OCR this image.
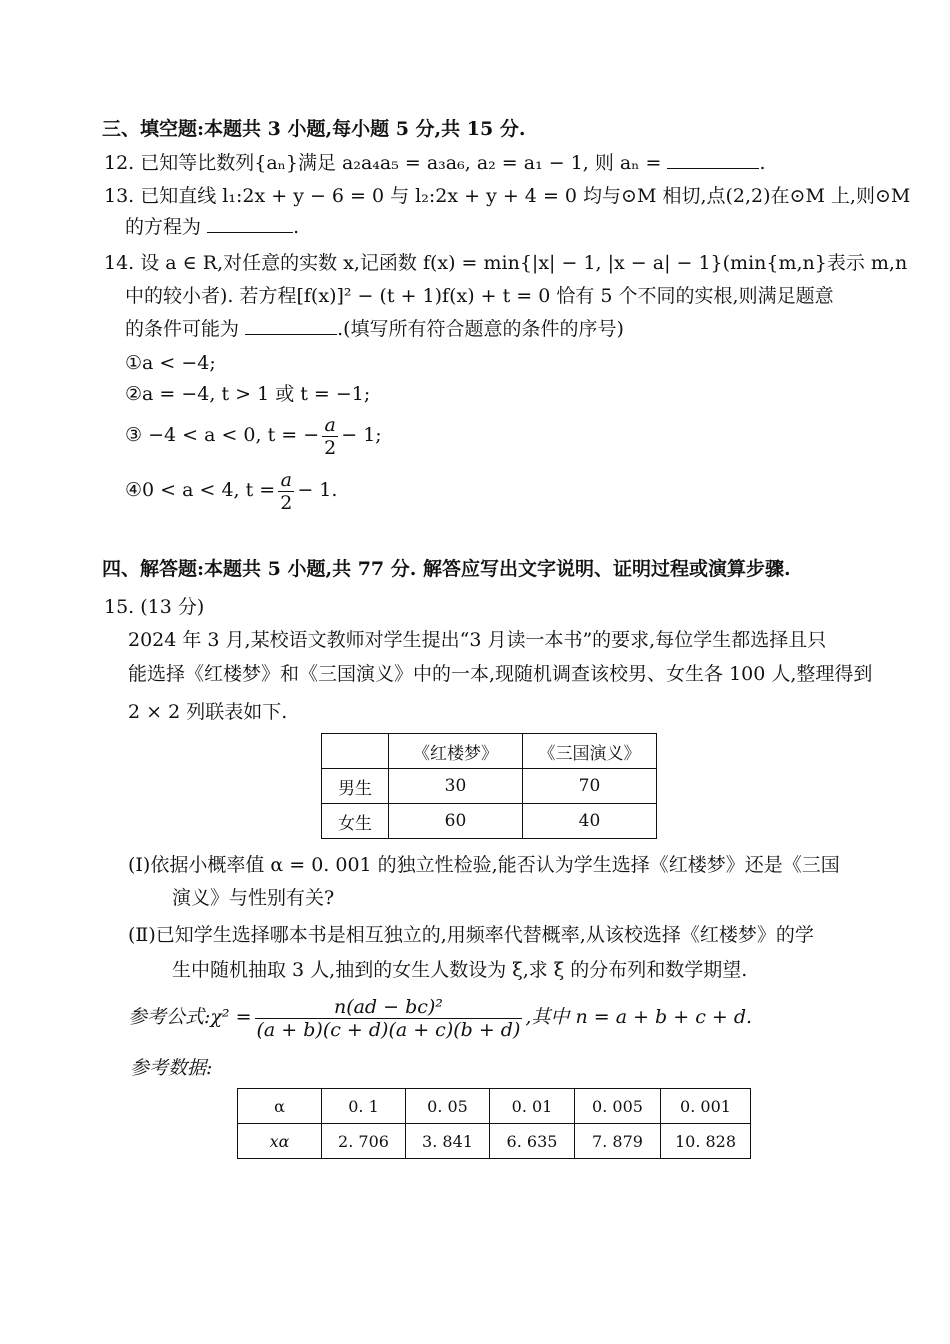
三、填空题:本题共 3 小题,每小题 5 分,共 15 分.
12. 已知等比数列{aₙ}满足 a₂a₄a₅ = a₃a₆, a₂ = a₁ − 1, 则 aₙ =	.
13. 已知直线 l₁:2x + y − 6 = 0 与 l₂:2x + y + 4 = 0 均与⊙M 相切,点(2,2)在⊙M 上,则⊙M
的方程为	.
14. 设 a ∈ R,对任意的实数 x,记函数 f(x) = min{|x| − 1, |x − a| − 1}(min{m,n}表示 m,n
中的较小者). 若方程[f(x)]² − (t + 1)f(x) + t = 0 恰有 5 个不同的实根,则满足题意
的条件可能为	.(填写所有符合题意的条件的序号)
①a < −4;
②a = −4, t > 1 或 t = −1;
③ −4 < a < 0, t = − $\frac{a}{2} - 1$;
④0 < a < 4, $t = \frac{a}{2} - 1$.
四、解答题:本题共 5 小题,共 77 分. 解答应写出文字说明、证明过程或演算步骤.
15. (13 分)
2024 年 3 月,某校语文教师对学生提出“3 月读一本书”的要求,每位学生都选择且只
能选择《红楼梦》和《三国演义》中的一本,现随机调查该校男、女生各 100 人,整理得到
2 × 2 列联表如下.
	《红楼梦》	《三国演义》
男生	30	70
女生	60	40
(Ⅰ)依据小概率值 α = 0. 001 的独立性检验,能否认为学生选择《红楼梦》还是《三国
演义》与性别有关?
(Ⅱ)已知学生选择哪本书是相互独立的,用频率代替概率,从该校选择《红楼梦》的学
生中随机抽取 3 人,抽到的女生人数设为 ξ,求 ξ 的分布列和数学期望.
参考公式:χ² = $\frac{\text{n(ad − bc)²}}{(a + b)(c + d)(a + c)(b + d)}$ ,其中 n = a + b + c + d.
参考数据:
α	0. 1	0. 05	0. 01	0. 005	0. 001
xα	2. 706	3. 841	6. 635	7. 879	10. 828
